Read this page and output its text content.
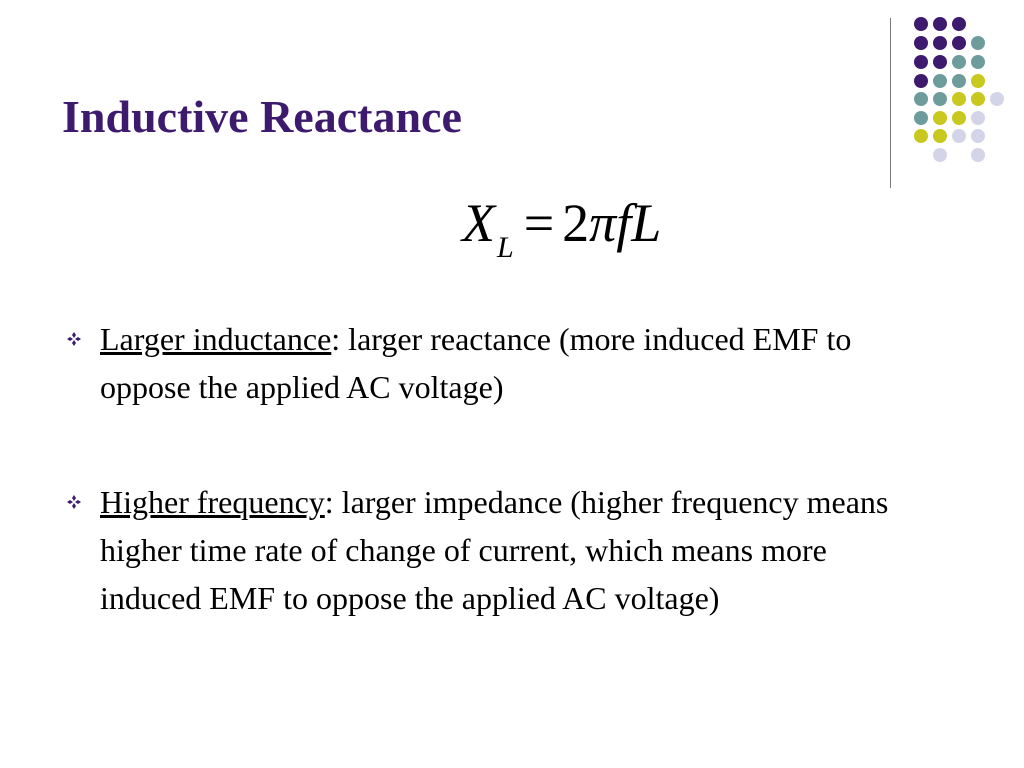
Inductive Reactance
$X_L = 2\pi fL$
Larger inductance: larger reactance (more induced EMF to oppose the applied AC voltage)
Higher frequency: larger impedance (higher frequency means higher time rate of change of current, which means more induced EMF to oppose the applied AC voltage)
